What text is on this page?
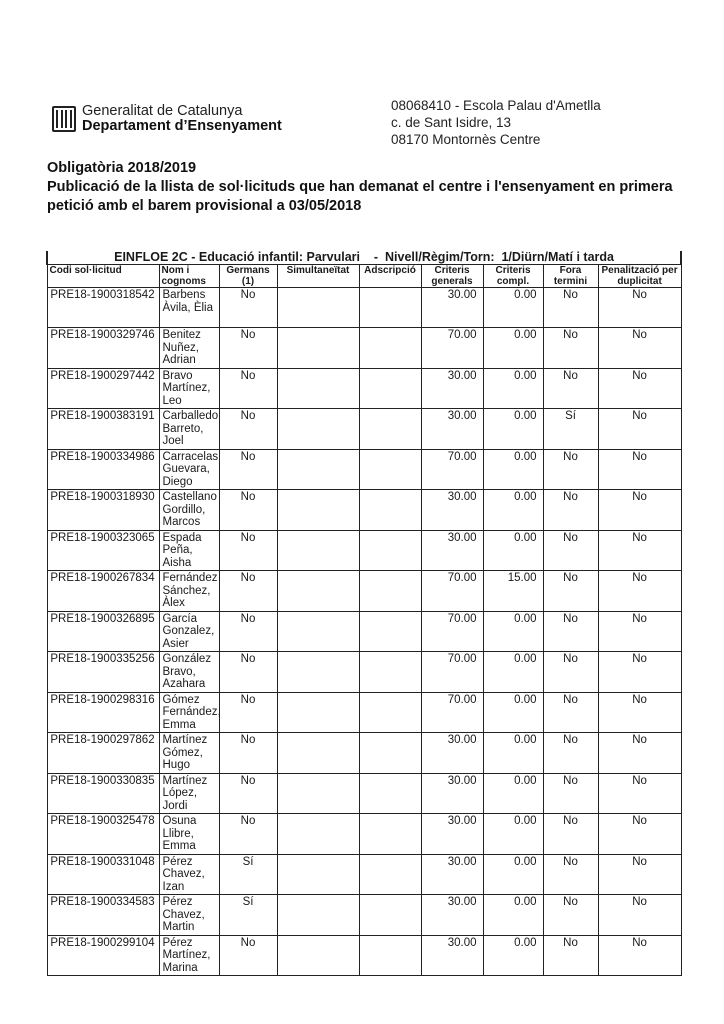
Generalitat de Catalunya
Departament d’Ensenyament
08068410 - Escola Palau d'Ametlla
c. de Sant Isidre, 13
08170 Montornès Centre
Obligatòria 2018/2019
Publicació de la llista de sol·licituds que han demanat el centre i l'ensenyament en primera
petició amb el barem provisional a 03/05/2018
EINFLOE 2C - Educació infantil: Parvulari    -  Nivell/Règim/Torn:  1/Diürn/Matí i tarda								
Codi sol·licitud	Nom i cognoms	Germans (1)	Simultaneïtat	Adscripció	Criteris generals	Criteris compl.	Fora termini	Penalització per duplicitat
PRE18-1900318542	Barbens Àvila, Èlia	No			30.00	0.00	No	No
PRE18-1900329746	Benitez Nuñez, Adrian	No			70.00	0.00	No	No
PRE18-1900297442	Bravo Martínez, Leo	No			30.00	0.00	No	No
PRE18-1900383191	Carballedo Barreto, Joel	No			30.00	0.00	Sí	No
PRE18-1900334986	Carracelas Guevara, Diego	No			70.00	0.00	No	No
PRE18-1900318930	Castellano Gordillo, Marcos	No			30.00	0.00	No	No
PRE18-1900323065	Espada Peña, Aisha	No			30.00	0.00	No	No
PRE18-1900267834	Fernández Sánchez, Àlex	No			70.00	15.00	No	No
PRE18-1900326895	García Gonzalez, Asier	No			70.00	0.00	No	No
PRE18-1900335256	González Bravo, Azahara	No			70.00	0.00	No	No
PRE18-1900298316	Gómez Fernández, Emma	No			70.00	0.00	No	No
PRE18-1900297862	Martínez Gómez, Hugo	No			30.00	0.00	No	No
PRE18-1900330835	Martínez López, Jordi	No			30.00	0.00	No	No
PRE18-1900325478	Osuna Llibre, Emma	No			30.00	0.00	No	No
PRE18-1900331048	Pérez Chavez, Izan	Sí			30.00	0.00	No	No
PRE18-1900334583	Pérez Chavez, Martin	Sí			30.00	0.00	No	No
PRE18-1900299104	Pérez Martínez, Marina	No			30.00	0.00	No	No
